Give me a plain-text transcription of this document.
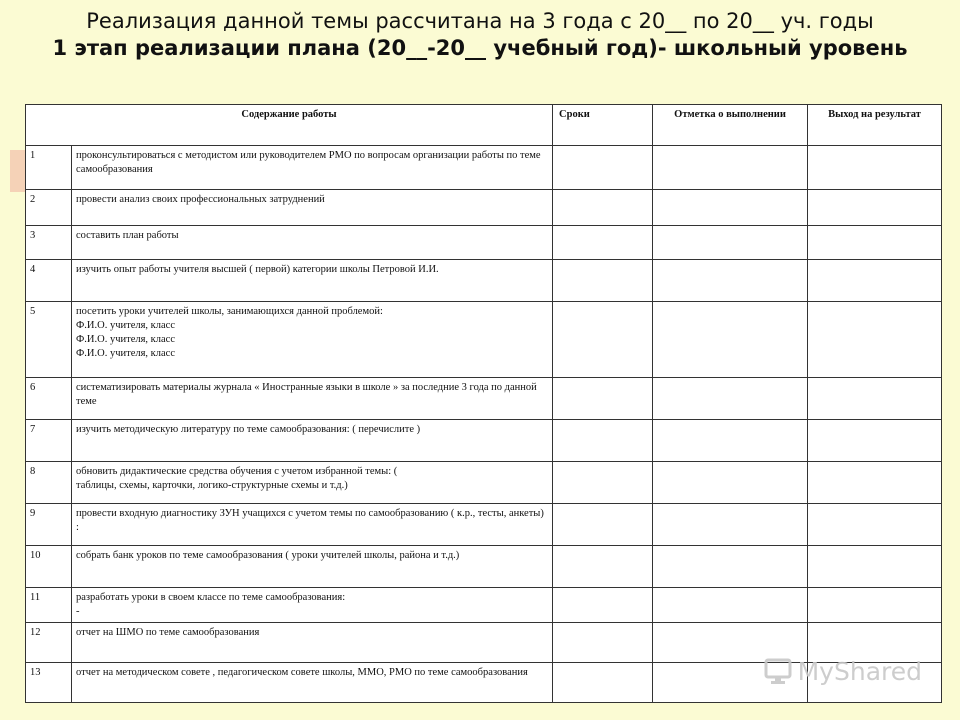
Реализация данной темы рассчитана на 3 года с 20__ по 20__ уч. годы
1 этап реализации плана (20__-20__ учебный год)- школьный уровень
Содержание работы		Сроки	Отметка о выполнении	Выход на результат
1	проконсультироваться с методистом или руководителем РМО по вопросам организации работы по теме самообразования			
2	провести анализ своих профессиональных затруднений			
3	составить план работы			
4	изучить опыт работы учителя высшей ( первой) категории школы Петровой И.И.			
5	посетить уроки учителей школы, занимающихся данной проблемой:
Ф.И.О. учителя, класс
Ф.И.О. учителя, класс
Ф.И.О. учителя, класс			
6	систематизировать материалы журнала « Иностранные языки в школе » за последние 3 года по данной теме			
7	изучить методическую литературу по теме самообразования: ( перечислите )			
8	обновить дидактические средства обучения с учетом избранной темы: (
таблицы, схемы, карточки, логико-структурные схемы и т.д.)			
9	провести входную диагностику ЗУН учащихся с учетом темы по самообразованию ( к.р., тесты, анкеты) :			
10	собрать банк уроков по теме самообразования ( уроки учителей школы, района и т.д.)			
11	разработать уроки в своем классе по теме самообразования:
-			
12	отчет на ШМО по теме самообразования			
13	отчет на методическом совете , педагогическом совете школы, ММО, РМО по теме самообразования				MyShared
